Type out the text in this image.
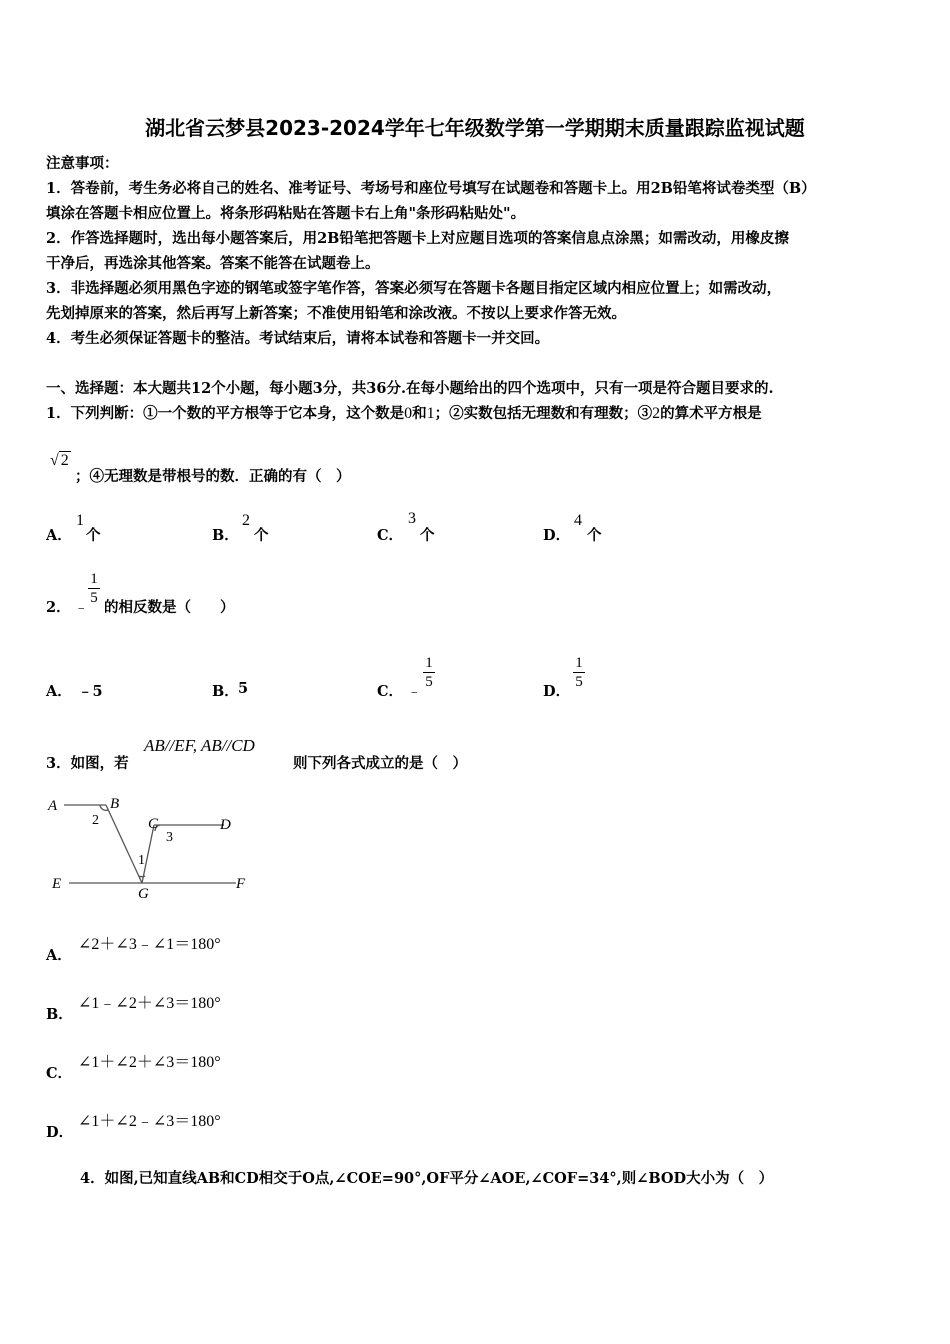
湖北省云梦县2023-2024学年七年级数学第一学期期末质量跟踪监视试题
注意事项：
1．答卷前，考生务必将自己的姓名、准考证号、考场号和座位号填写在试题卷和答题卡上。用2B铅笔将试卷类型（B）
填涂在答题卡相应位置上。将条形码粘贴在答题卡右上角"条形码粘贴处"。
2．作答选择题时，选出每小题答案后，用2B铅笔把答题卡上对应题目选项的答案信息点涂黑；如需改动，用橡皮擦
干净后，再选涂其他答案。答案不能答在试题卷上。
3．非选择题必须用黑色字迹的钢笔或签字笔作答，答案必须写在答题卡各题目指定区域内相应位置上；如需改动，
先划掉原来的答案，然后再写上新答案；不准使用铅笔和涂改液。不按以上要求作答无效。
4．考生必须保证答题卡的整洁。考试结束后，请将本试卷和答题卡一并交回。
一、选择题：本大题共12个小题，每小题3分，共36分.在每小题给出的四个选项中，只有一项是符合题目要求的.
1．下列判断：①一个数的平方根等于它本身，这个数是0和1；②实数包括无理数和有理数；③2的算术平方根是
√ 2
；④无理数是带根号的数．正确的有（　）
A．
1
个	B．
2
个	C．
3
个	D．
4
个
2． ﹣
1
5
的相反数是（　　）
A． ﹣5	B． 5	C． ﹣
1
5
D．
1
5
3．如图，若
AB//EF, AB//CD
则下列各式成立的是（　）
A	B
C	D
E	F
G
1
2
3
A．
∠2＋∠3﹣∠1＝180°
B．
∠1﹣∠2＋∠3＝180°
C．
∠1＋∠2＋∠3＝180°
D．
∠1＋∠2﹣∠3＝180°
4．如图,已知直线AB和CD相交于O点,∠COE=90°,OF平分∠AOE,∠COF=34°,则∠BOD大小为（　）
